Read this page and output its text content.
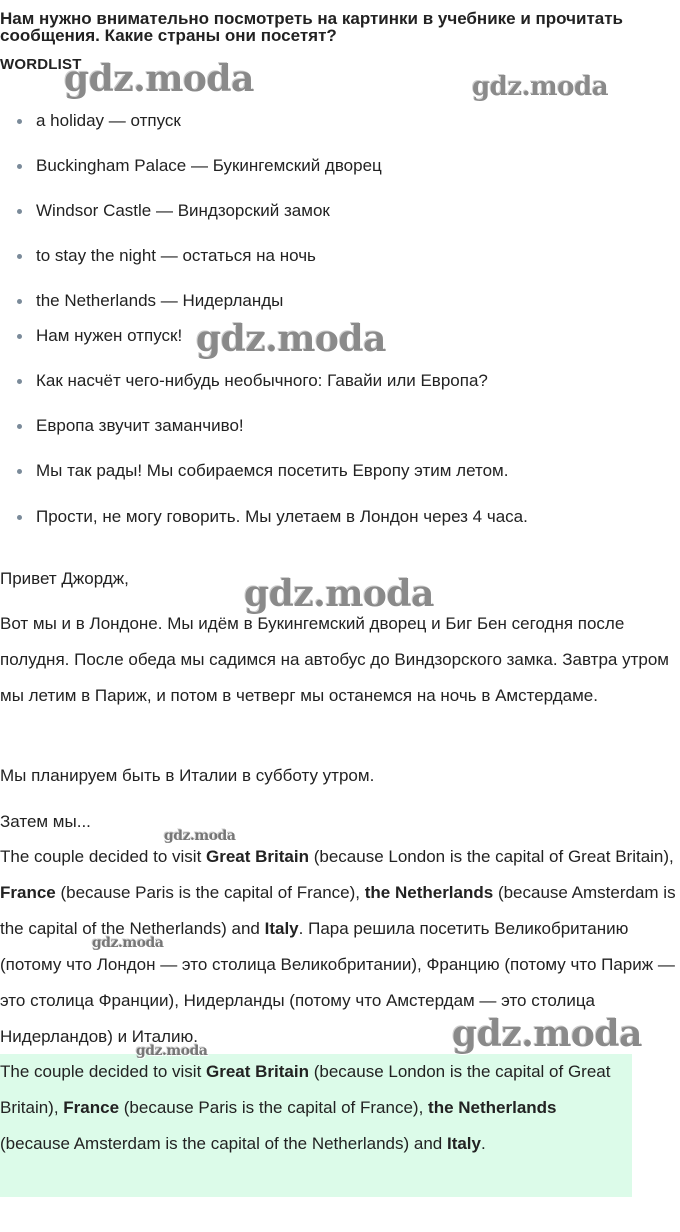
Нам нужно внимательно посмотреть на картинки в учебнике и прочитать
сообщения. Какие страны они посетят?
WORDLIST
a holiday — отпуск
Buckingham Palace — Букингемский дворец
Windsor Castle — Виндзорский замок
to stay the night — остаться на ночь
the Netherlands — Нидерланды
Нам нужен отпуск!
Как насчёт чего-нибудь необычного: Гавайи или Европа?
Европа звучит заманчиво!
Мы так рады! Мы собираемся посетить Европу этим летом.
Прости, не могу говорить. Мы улетаем в Лондон через 4 часа.
Привет Джордж,
Вот мы и в Лондоне. Мы идём в Букингемский дворец и Биг Бен сегодня после полудня. После обеда мы садимся на автобус до Виндзорского замка. Завтра утром мы летим в Париж, и потом в четверг мы останемся на ночь в Амстердаме.
Мы планируем быть в Италии в субботу утром.
Затем мы...
The couple decided to visit Great Britain (because London is the capital of Great Britain), France (because Paris is the capital of France), the Netherlands (because Amsterdam is the capital of the Netherlands) and Italy. Пара решила посетить Великобританию (потому что Лондон — это столица Великобритании), Францию (потому что Париж — это столица Франции), Нидерланды (потому что Амстердам — это столица Нидерландов) и Италию.
The couple decided to visit Great Britain (because London is the capital of Great Britain), France (because Paris is the capital of France), the Netherlands (because Amsterdam is the capital of the Netherlands) and Italy.
gdz.moda	gdz.moda
gdz.moda
gdz.moda
gdz.moda
gdz.moda
gdz.moda
gdz.moda
